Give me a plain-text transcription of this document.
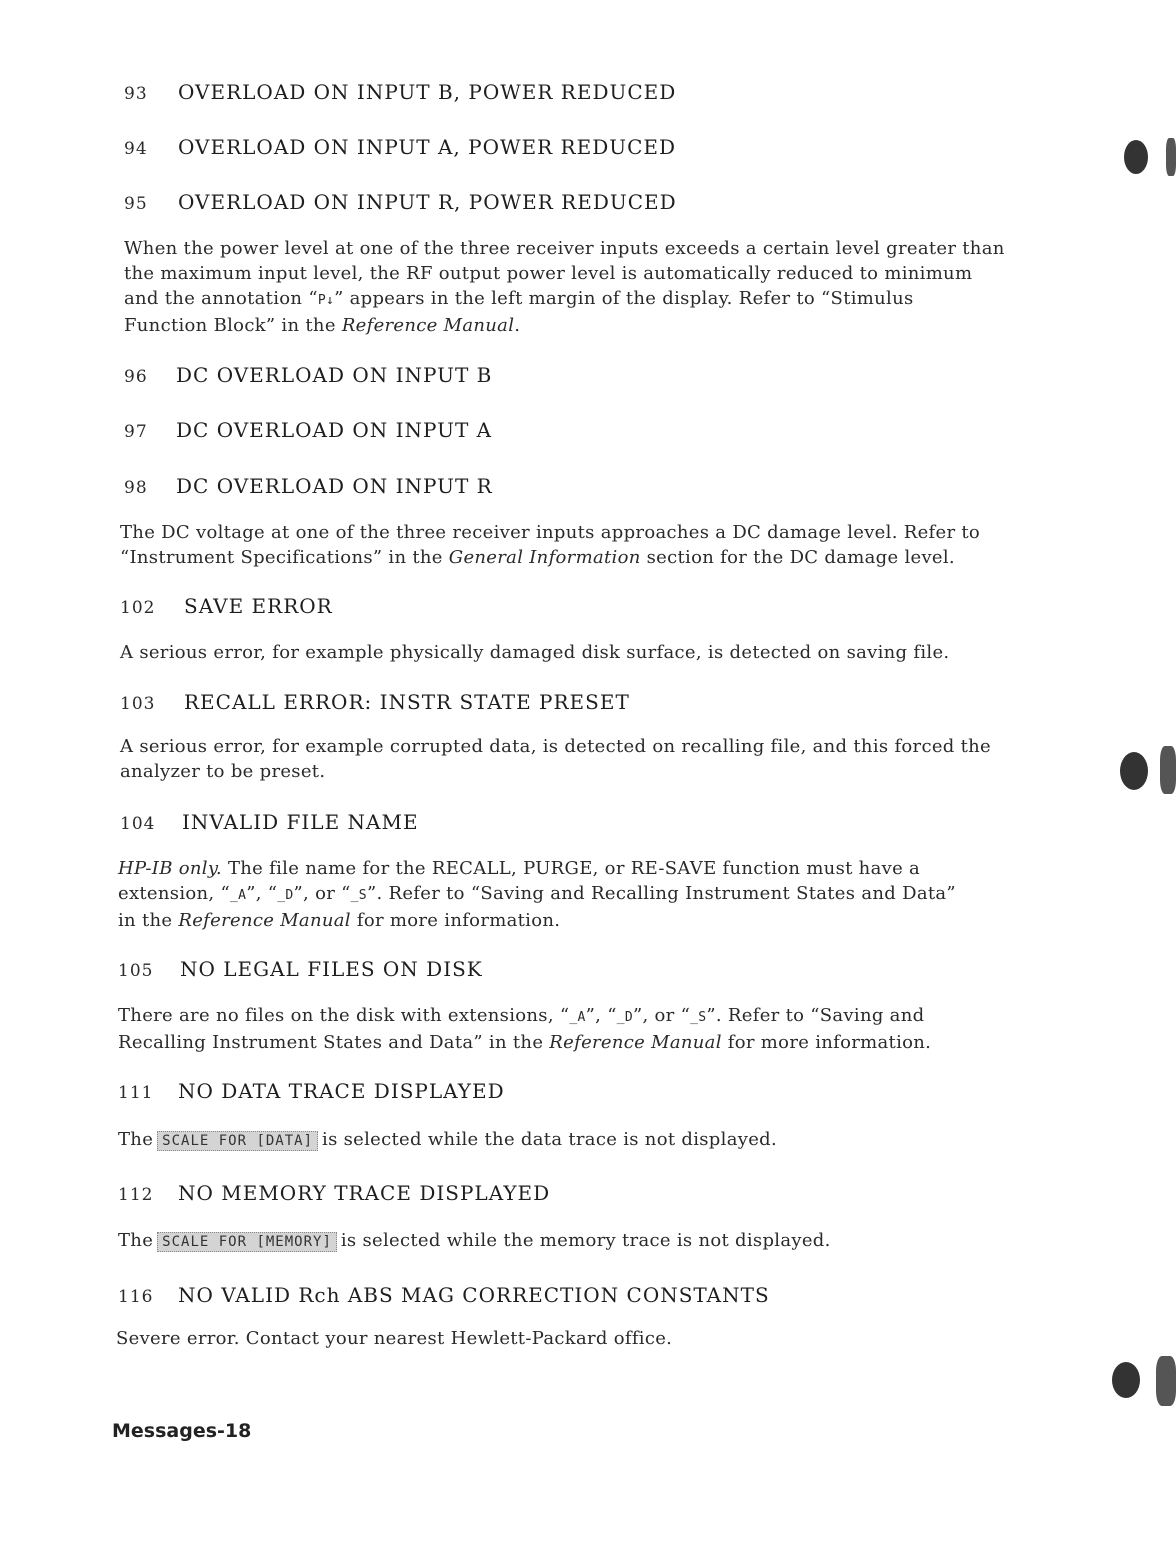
93 OVERLOAD ON INPUT B, POWER REDUCED
94 OVERLOAD ON INPUT A, POWER REDUCED
95 OVERLOAD ON INPUT R, POWER REDUCED

When the power level at one of the three receiver inputs exceeds a certain level greater than

the maximum input level, the RF output power level is automatically reduced to minimum

and the annotation “P↓” appears in the left margin of the display. Refer to “Stimulus

Function Block” in the Reference Manual.

96 DC OVERLOAD ON INPUT B
97 DC OVERLOAD ON INPUT A
98 DC OVERLOAD ON INPUT R

The DC voltage at one of the three receiver inputs approaches a DC damage level. Refer to

“Instrument Specifications” in the General Information section for the DC damage level.

102 SAVE ERROR

A serious error, for example physically damaged disk surface, is detected on saving file.

103 RECALL ERROR: INSTR STATE PRESET

A serious error, for example corrupted data, is detected on recalling file, and this forced the

analyzer to be preset.

104 INVALID FILE NAME

HP-IB only. The file name for the RECALL, PURGE, or RE-SAVE function must have a

extension, “_A”, “_D”, or “_S”. Refer to “Saving and Recalling Instrument States and Data”

in the Reference Manual for more information.

105 NO LEGAL FILES ON DISK

There are no files on the disk with extensions, “_A”, “_D”, or “_S”. Refer to “Saving and

Recalling Instrument States and Data” in the Reference Manual for more information.

111 NO DATA TRACE DISPLAYED

The SCALE FOR [DATA] is selected while the data trace is not displayed.

112 NO MEMORY TRACE DISPLAYED

The SCALE FOR [MEMORY] is selected while the memory trace is not displayed.

116 NO VALID Rch ABS MAG CORRECTION CONSTANTS

Severe error. Contact your nearest Hewlett-Packard office.

Messages-18
